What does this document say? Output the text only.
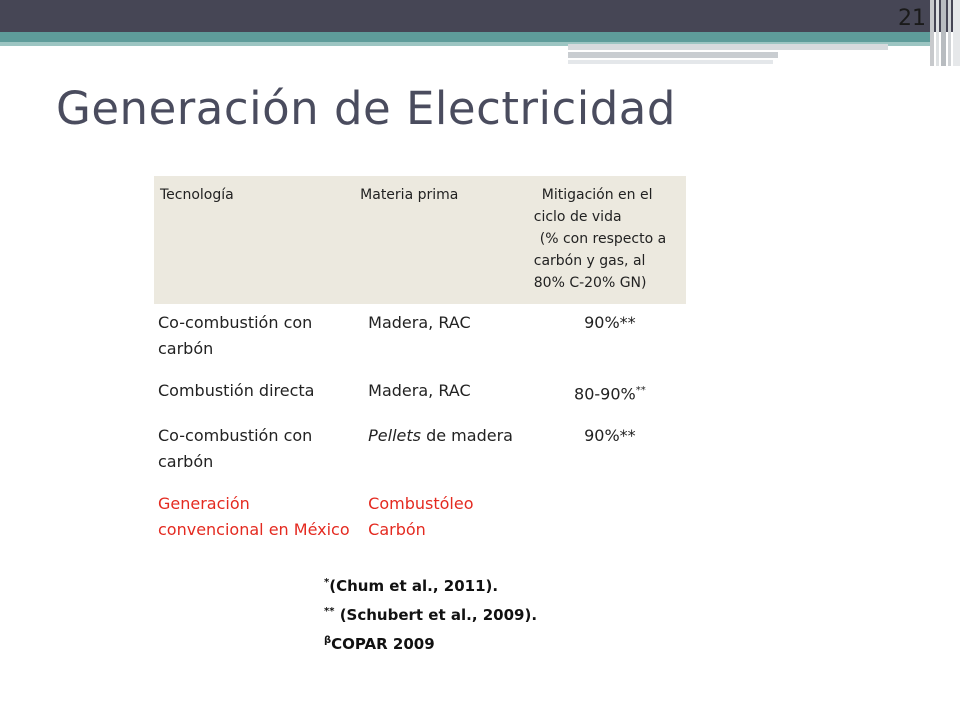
21
Generación de Electricidad
Tecnología	Materia prima	Mitigación en el
ciclo de vida
(% con respecto a
carbón y gas, al
80% C-20% GN)

Co-combustión con carbón	Madera, RAC	90%**
Combustión directa	Madera, RAC	80-90%**
Co-combustión con carbón	Pellets de madera	90%**
Generación convencional en México	Combustóleo
Carbón	

*(Chum et al., 2011).
** (Schubert et al., 2009).
$^\beta$COPAR 2009
